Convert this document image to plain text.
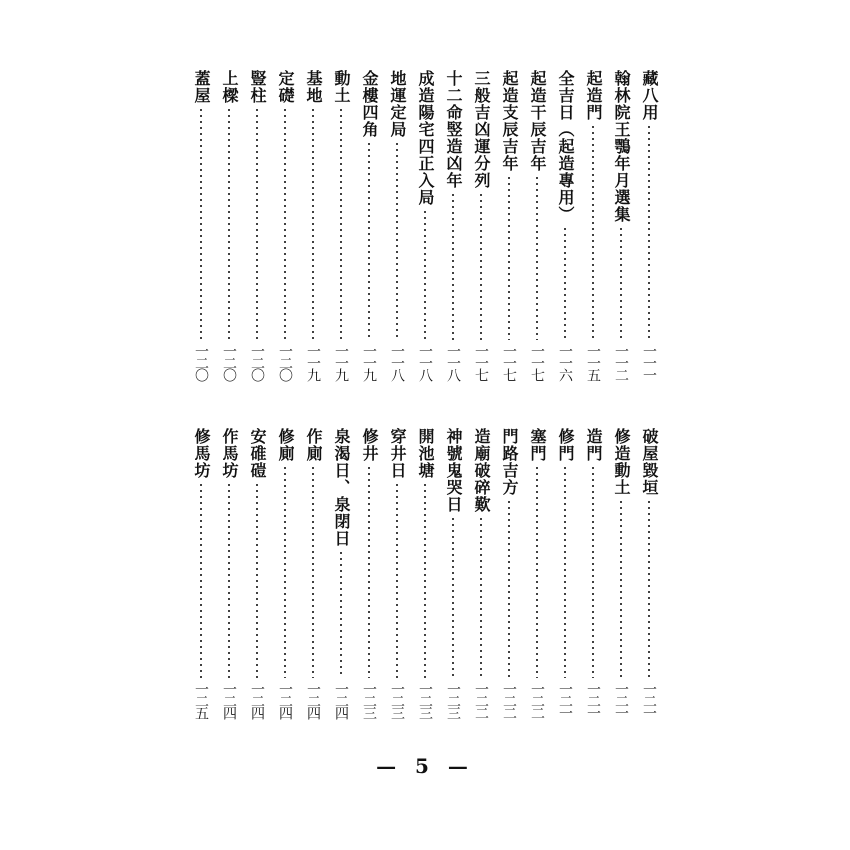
藏八用
一一一
翰林院王鶚年月選集
一一二
起造門
一一五
全吉日（起造專用）
一一六
起造干辰吉年
一一七
起造支辰吉年
一一七
三般吉凶運分列
一一七
十二命竪造凶年
一一八
成造陽宅四正入局
一一八
地運定局
一一八
金樓四角
一一九
動土
一一九
基地
一一九
定礎
一二〇
豎柱
一二〇
上樑
一二〇
蓋屋
一二〇
破屋毀垣
一二一
修造動土
一二一
造門
一二一
修門
一二一
塞門
一二二
門路吉方
一二二
造廟破碎歎
一二二
神號鬼哭日
一二三
開池塘
一二三
穿井日
一二三
修井
一二三
泉渴日、泉閉日
一二四
作廁
一二四
修廁
一二四
安碓磑
一二四
作馬坊
一二四
修馬坊
一二五
— 5 —
